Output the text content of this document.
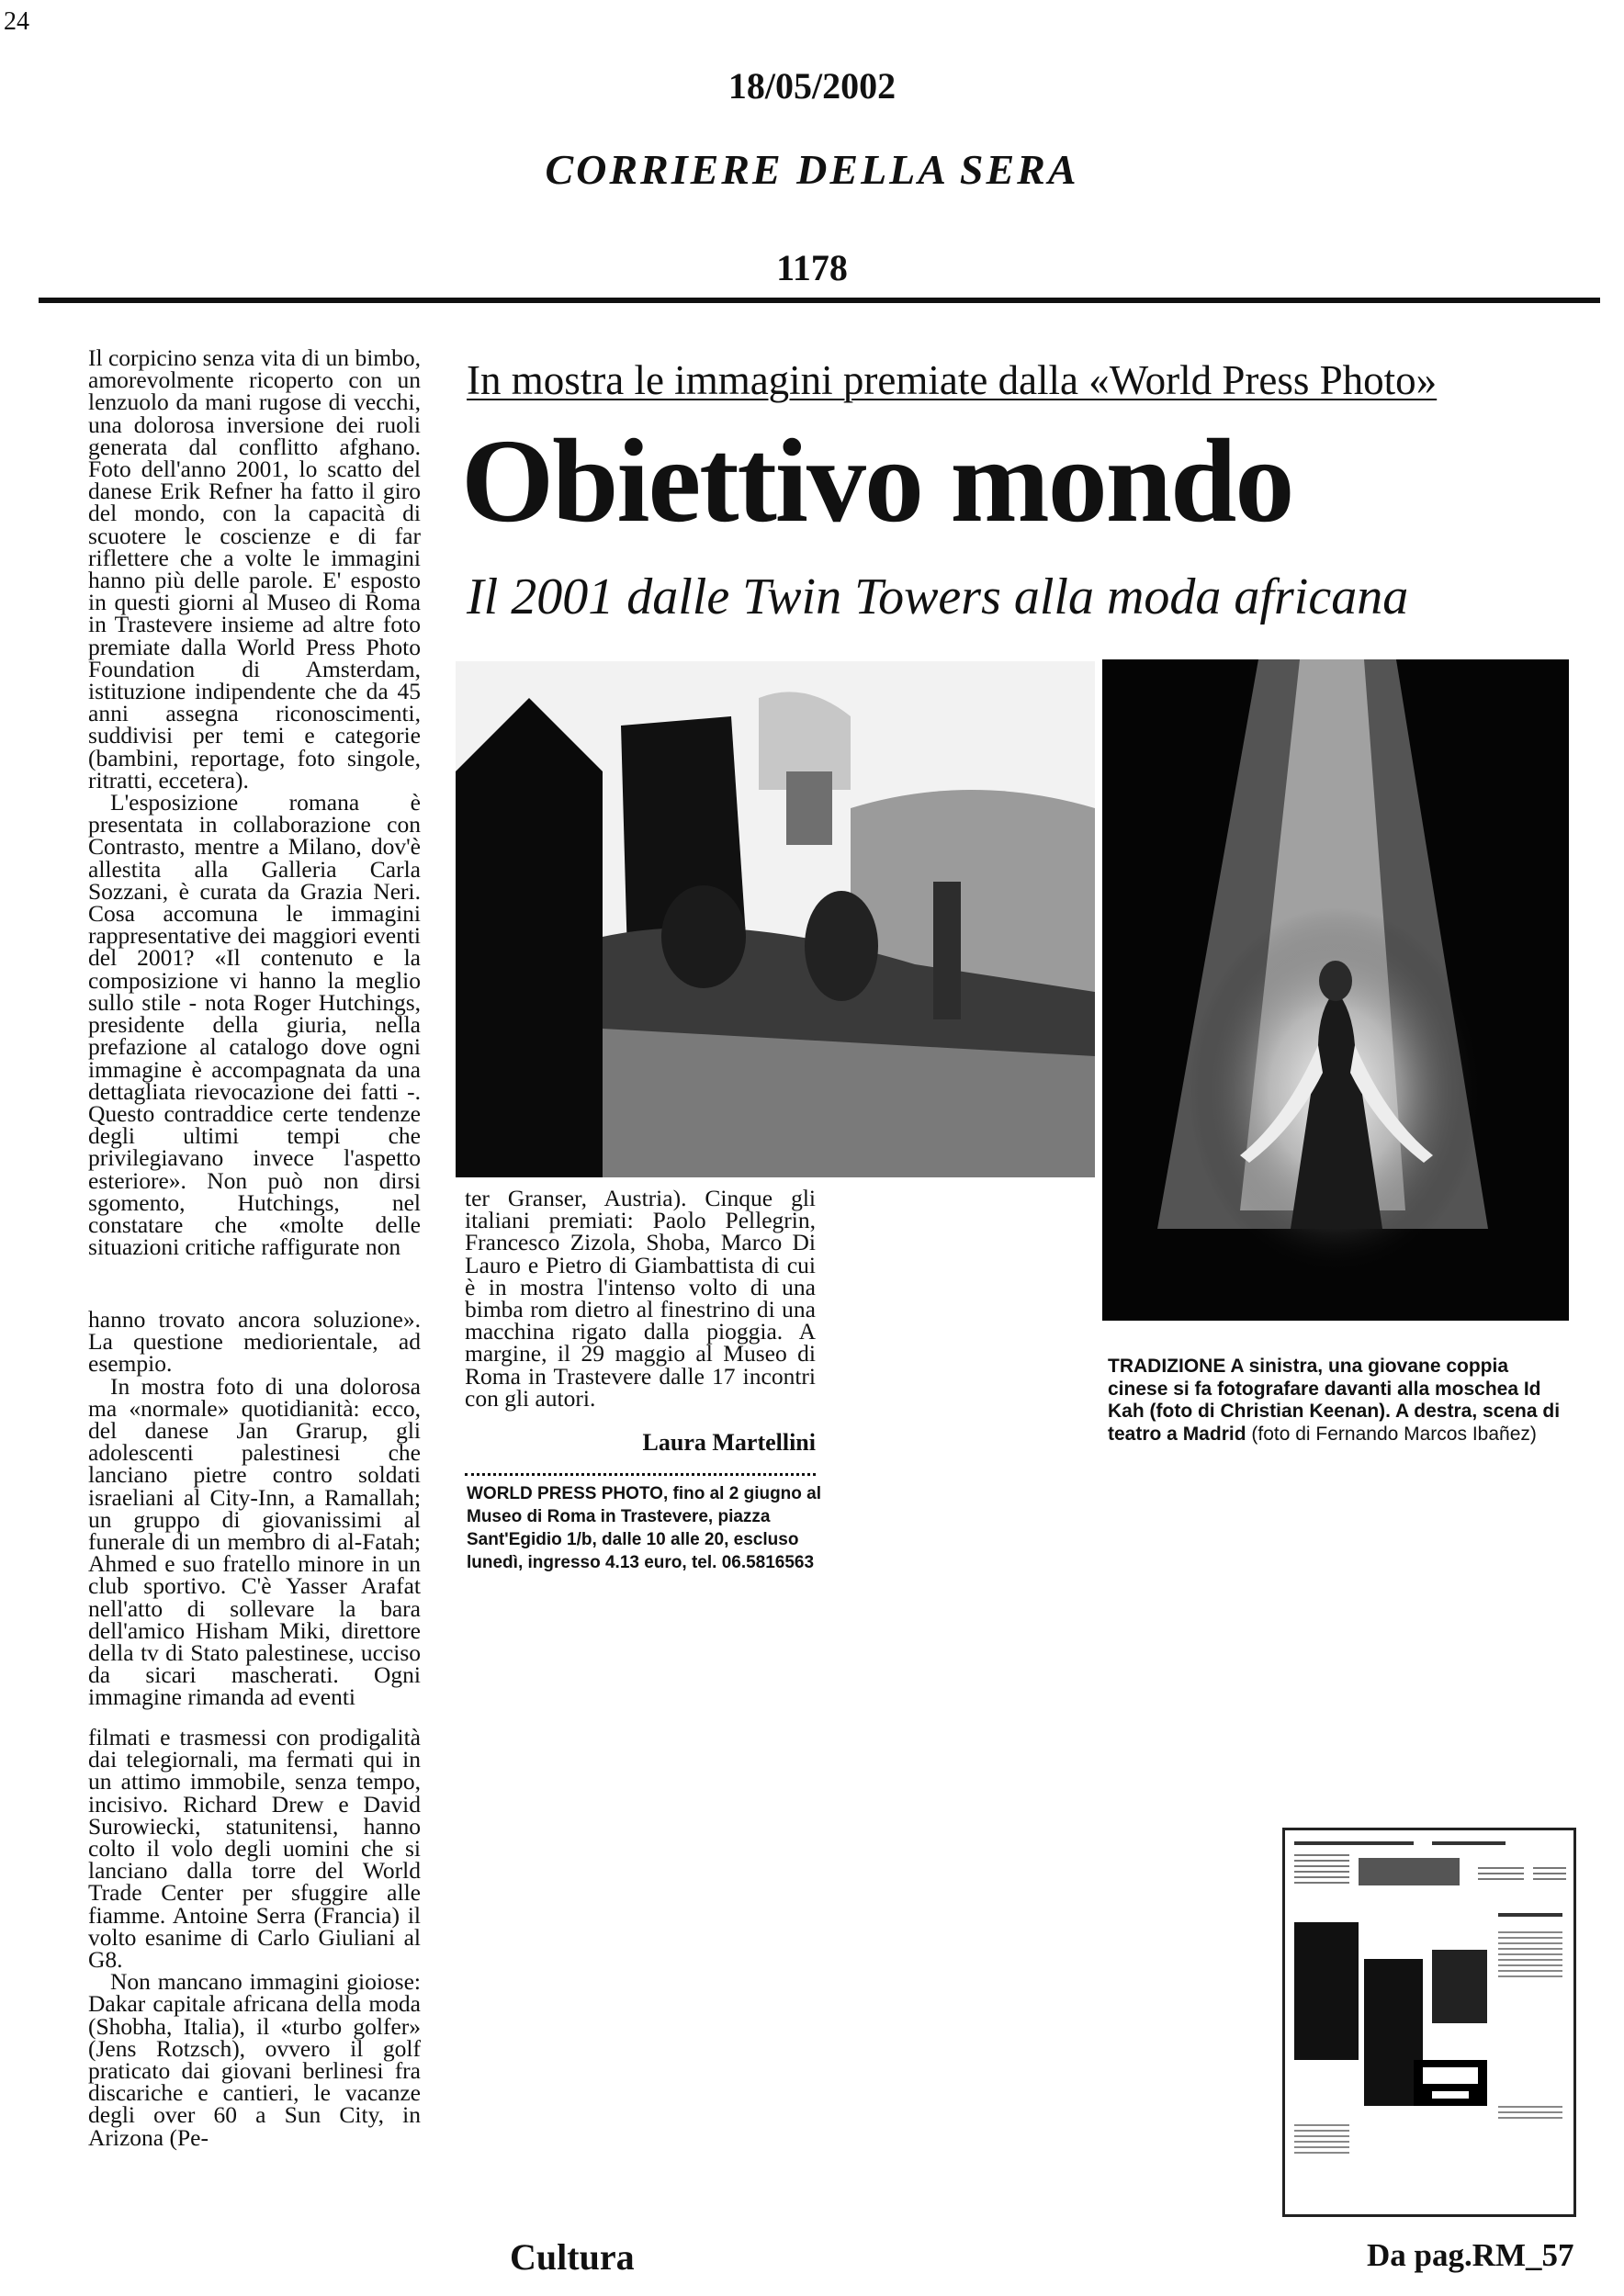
24
18/05/2002
CORRIERE DELLA SERA
1178
In mostra le immagini premiate dalla «World Press Photo»
Obiettivo mondo
Il 2001 dalle Twin Towers alla moda africana

Il corpicino senza vita di un bimbo, amorevolmente ricoperto con un lenzuolo da mani rugose di vecchi, una dolorosa inversione dei ruoli generata dal conflitto afghano. Foto dell'anno 2001, lo scatto del danese Erik Refner ha fatto il giro del mondo, con la capacità di scuotere le coscienze e di far riflettere che a volte le immagini hanno più delle parole. E' esposto in questi giorni al Museo di Roma in Trastevere insieme ad altre foto premiate dalla World Press Photo Foundation di Amsterdam, istituzione indipendente che da 45 anni assegna riconoscimenti, suddivisi per temi e categorie (bambini, reportage, foto singole, ritratti, eccetera).

L'esposizione romana è presentata in collaborazione con Contrasto, mentre a Milano, dov'è allestita alla Galleria Carla Sozzani, è curata da Grazia Neri. Cosa accomuna le immagini rappresentative dei maggiori eventi del 2001? «Il contenuto e la composizione vi hanno la meglio sullo stile - nota Roger Hutchings, presidente della giuria, nella prefazione al catalogo dove ogni immagine è accompagnata da una dettagliata rievocazione dei fatti -. Questo contraddice certe tendenze degli ultimi tempi che privilegiavano invece l'aspetto esteriore». Non può non dirsi sgomento, Hutchings, nel constatare che «molte delle situazioni critiche raffigurate non

hanno trovato ancora soluzione». La questione mediorientale, ad esempio.

In mostra foto di una dolorosa ma «normale» quotidianità: ecco, del danese Jan Grarup, gli adolescenti palestinesi che lanciano pietre contro soldati israeliani al City-Inn, a Ramallah; un gruppo di giovanissimi al funerale di un membro di al-Fatah; Ahmed e suo fratello minore in un club sportivo. C'è Yasser Arafat nell'atto di sollevare la bara dell'amico Hisham Miki, direttore della tv di Stato palestinese, ucciso da sicari mascherati. Ogni immagine rimanda ad eventi

filmati e trasmessi con prodigalità dai telegiornali, ma fermati qui in un attimo immobile, senza tempo, incisivo. Richard Drew e David Surowiecki, statunitensi, hanno colto il volo degli uomini che si lanciano dalla torre del World Trade Center per sfuggire alle fiamme. Antoine Serra (Francia) il volto esanime di Carlo Giuliani al G8.

Non mancano immagini gioiose: Dakar capitale africana della moda (Shobha, Italia), il «turbo golfer» (Jens Rotzsch), ovvero il golf praticato dai giovani berlinesi fra discariche e cantieri, le vacanze degli over 60 a Sun City, in Arizona (Pe-

ter Granser, Austria). Cinque gli italiani premiati: Paolo Pellegrin, Francesco Zizola, Shoba, Marco Di Lauro e Pietro di Giambattista di cui è in mostra l'intenso volto di una bimba rom dietro al finestrino di una macchina rigato dalla pioggia. A margine, il 29 maggio al Museo di Roma in Trastevere dalle 17 incontri con gli autori.

Laura Martellini
WORLD PRESS PHOTO, fino al 2 giugno al Museo di Roma in Trastevere, piazza Sant'Egidio 1/b, dalle 10 alle 20, escluso lunedì, ingresso 4.13 euro, tel. 06.5816563
TRADIZIONE A sinistra, una giovane coppia cinese si fa fotografare davanti alla moschea Id Kah (foto di Christian Keenan). A destra, scena di teatro a Madrid (foto di Fernando Marcos Ibañez)
Cultura	Da pag.RM_57
